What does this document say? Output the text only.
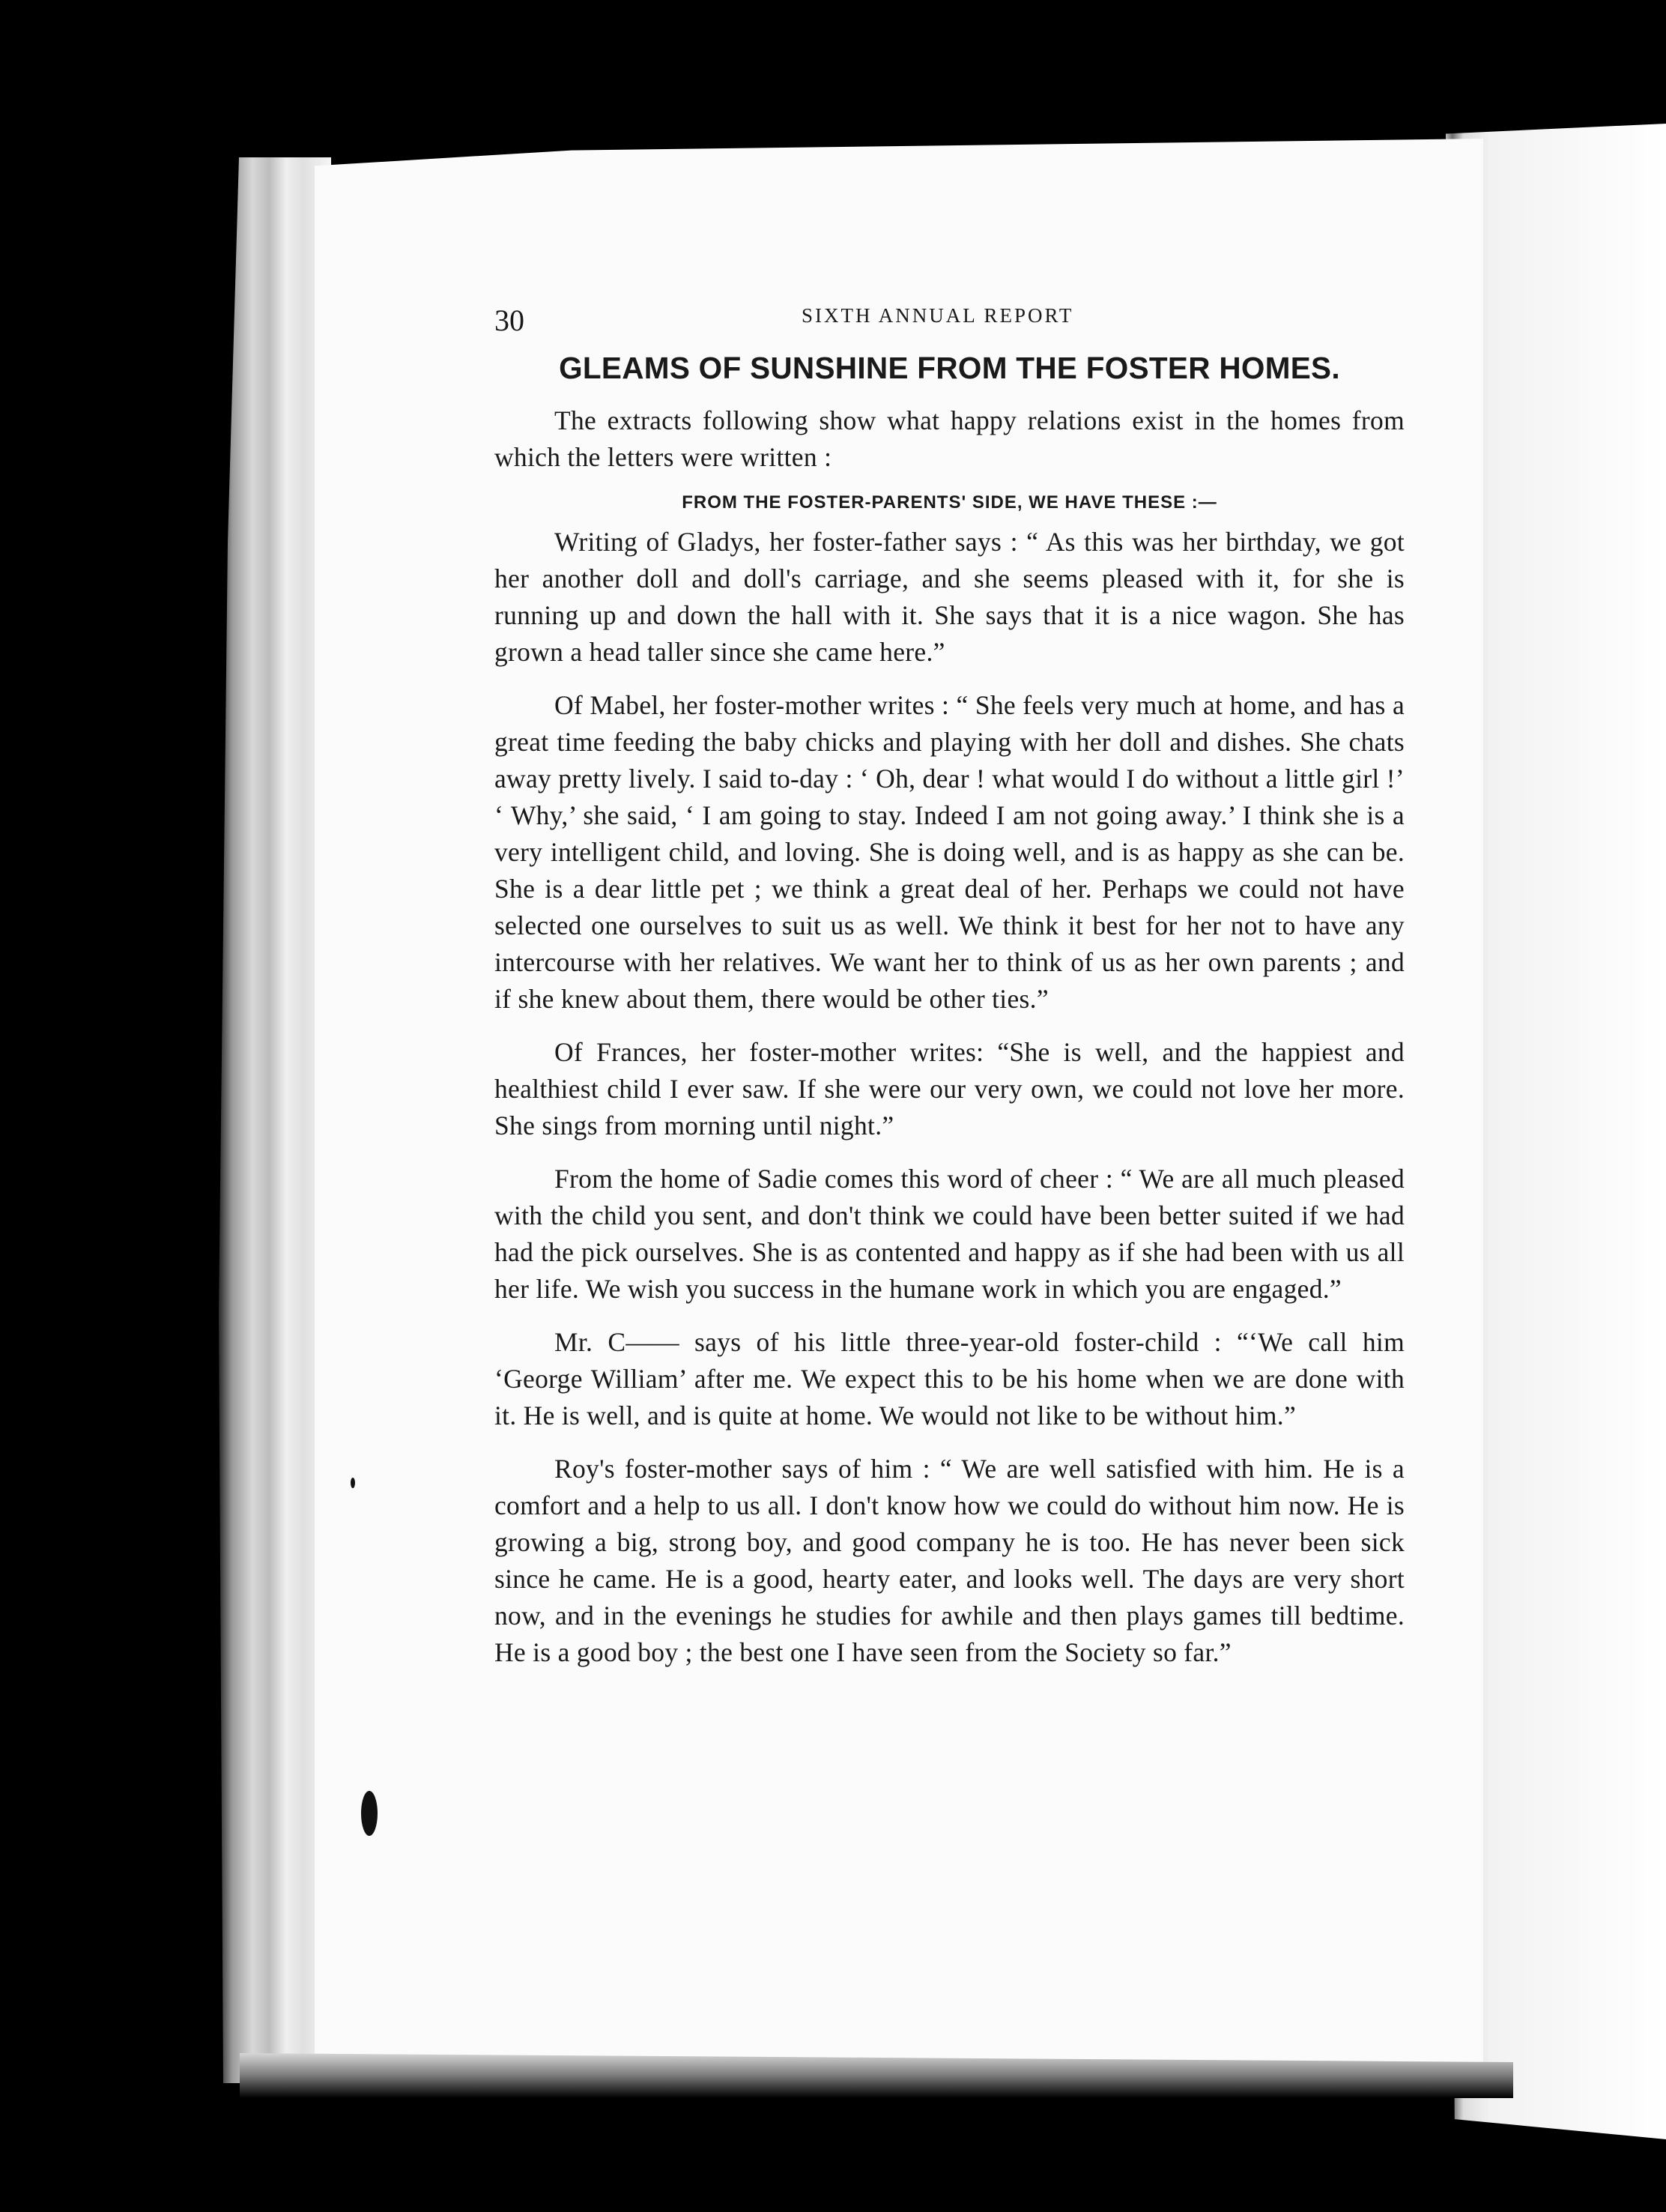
30	SIXTH ANNUAL REPORT
GLEAMS OF SUNSHINE FROM THE FOSTER HOMES.

The extracts following show what happy relations exist in the homes from which the letters were written :

FROM THE FOSTER-PARENTS' SIDE, WE HAVE THESE :—

Writing of Gladys, her foster-father says : “ As this was her birthday, we got her another doll and doll's carriage, and she seems pleased with it, for she is running up and down the hall with it. She says that it is a nice wagon. She has grown a head taller since she came here.”

Of Mabel, her foster-mother writes : “ She feels very much at home, and has a great time feeding the baby chicks and playing with her doll and dishes. She chats away pretty lively. I said to-day : ‘ Oh, dear ! what would I do without a little girl !’ ‘ Why,’ she said, ‘ I am going to stay. Indeed I am not going away.’ I think she is a very intelligent child, and loving. She is doing well, and is as happy as she can be. She is a dear little pet ; we think a great deal of her. Perhaps we could not have selected one ourselves to suit us as well. We think it best for her not to have any intercourse with her relatives. We want her to think of us as her own parents ; and if she knew about them, there would be other ties.”

Of Frances, her foster-mother writes: “She is well, and the happiest and healthiest child I ever saw. If she were our very own, we could not love her more. She sings from morning until night.”

From the home of Sadie comes this word of cheer : “ We are all much pleased with the child you sent, and don't think we could have been better suited if we had had the pick ourselves. She is as contented and happy as if she had been with us all her life. We wish you success in the humane work in which you are engaged.”

Mr. C—— says of his little three-year-old foster-child : “‘We call him ‘George William’ after me. We expect this to be his home when we are done with it. He is well, and is quite at home. We would not like to be without him.”

Roy's foster-mother says of him : “ We are well satisfied with him. He is a comfort and a help to us all. I don't know how we could do without him now. He is growing a big, strong boy, and good company he is too. He has never been sick since he came. He is a good, hearty eater, and looks well. The days are very short now, and in the evenings he studies for awhile and then plays games till bedtime. He is a good boy ; the best one I have seen from the Society so far.”
